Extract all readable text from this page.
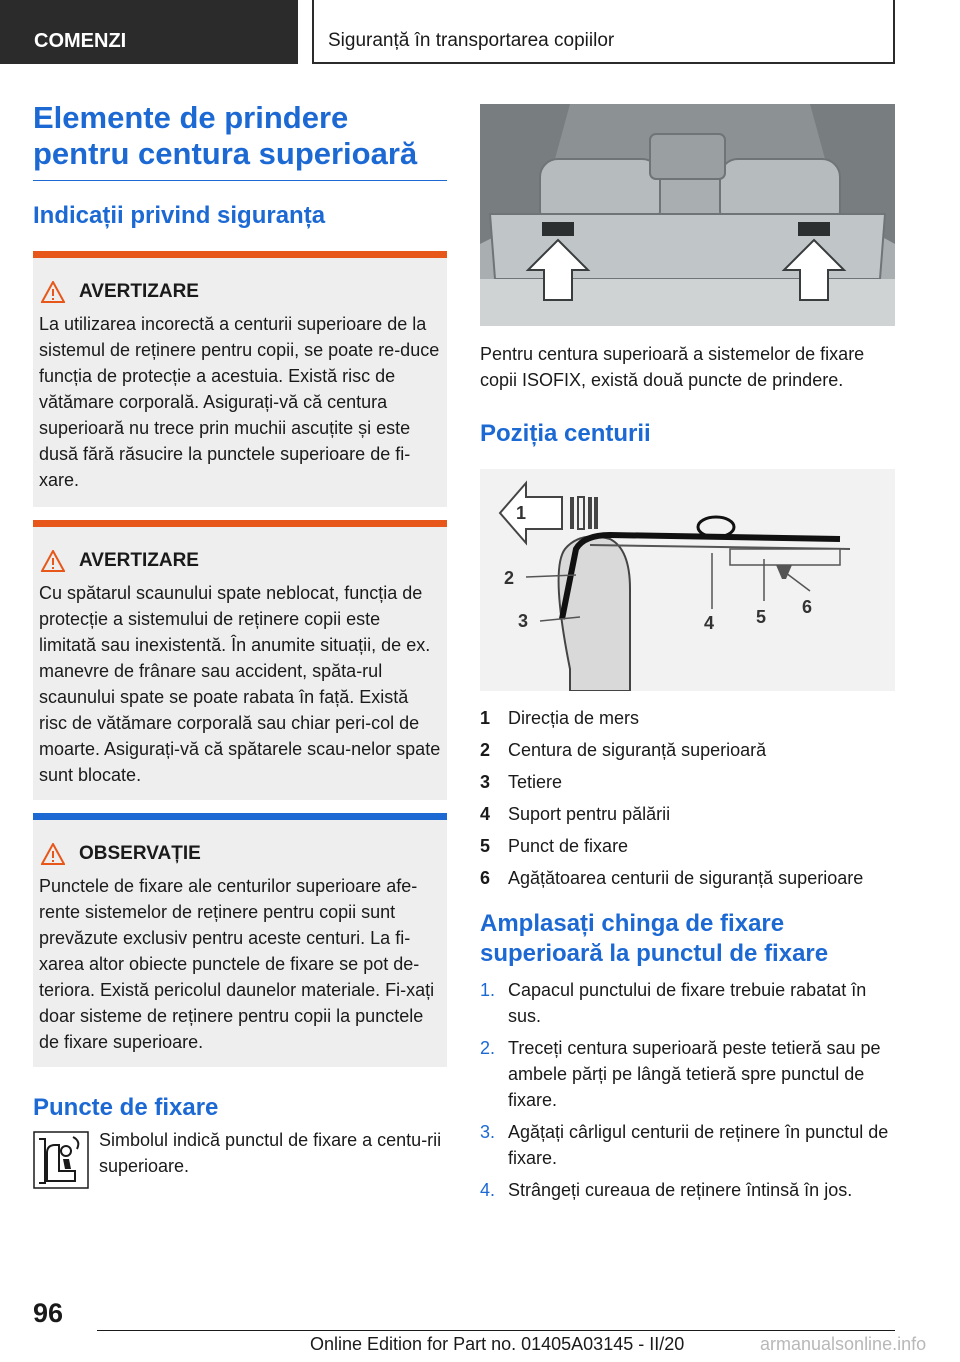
COMENZI	Siguranță în transportarea copiilor
Elemente de prindere
pentru centura superioară
Indicații privind siguranța
AVERTIZARE
La utilizarea incorectă a centurii superioare de la sistemul de reținere pentru copii, se poate re-duce funcția de protecție a acestuia. Există risc de vătămare corporală. Asigurați-vă că centura superioară nu trece prin muchii ascuțite și este dusă fără răsucire la punctele superioare de fi-xare.
AVERTIZARE
Cu spătarul scaunului spate neblocat, funcția de protecție a sistemului de reținere copii este limitată sau inexistentă. În anumite situații, de ex. manevre de frânare sau accident, spăta-rul scaunului spate se poate rabata în față. Există risc de vătămare corporală sau chiar peri-col de moarte. Asigurați-vă că spătarele scau-nelor spate sunt blocate.
OBSERVAȚIE
Punctele de fixare ale centurilor superioare afe-rente sistemelor de reținere pentru copii sunt prevăzute exclusiv pentru aceste centuri. La fi-xarea altor obiecte punctele de fixare se pot de-teriora. Există pericolul daunelor materiale. Fi-xați doar sisteme de reținere pentru copii la punctele de fixare superioare.
Puncte de fixare
Simbolul indică punctul de fixare a centu-rii superioare.
Pentru centura superioară a sistemelor de fixare copii ISOFIX, există două puncte de prindere.
Poziția centurii
1
2
3	4 5 6
1 Direcția de mers
2 Centura de siguranță superioară
3 Tetiere
4 Suport pentru pălării
5 Punct de fixare
6 Agățătoarea centurii de siguranță superioare
Amplasați chinga de fixare
superioară la punctul de fixare
1. Capacul punctului de fixare trebuie rabatat în sus.
2. Treceți centura superioară peste tetieră sau pe ambele părți pe lângă tetieră spre punctul de fixare.
3. Agățați cârligul centurii de reținere în punctul de fixare.
4. Strângeți cureaua de reținere întinsă în jos.
96
Online Edition for Part no. 01405A03145 - II/20	armanualsonline.info
